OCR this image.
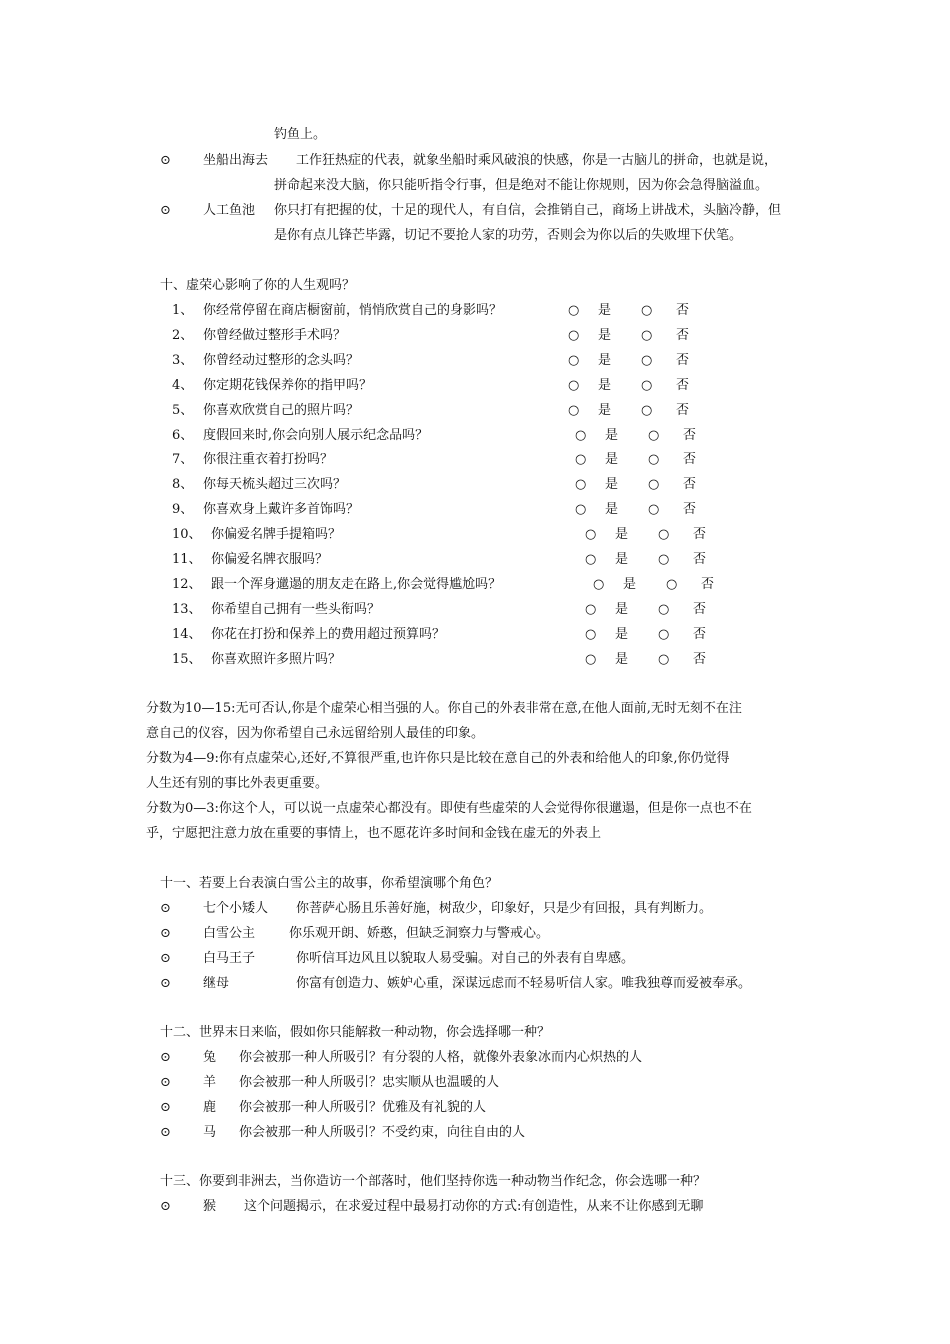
钓鱼上。
⊙ 坐船出海去 工作狂热症的代表，就象坐船时乘风破浪的快感，你是一古脑儿的拼命，也就是说，
拼命起来没大脑，你只能听指令行事，但是绝对不能让你规则，因为你会急得脑溢血。
⊙ 人工鱼池 你只打有把握的仗，十足的现代人，有自信，会推销自己，商场上讲战术，头脑冷静，但
是你有点儿锋芒毕露，切记不要抢人家的功劳，否则会为你以后的失败埋下伏笔。
十、虚荣心影响了你的人生观吗？
1、 你经常停留在商店橱窗前，悄悄欣赏自己的身影吗？	○ 是 ○ 否
2、 你曾经做过整形手术吗？	○ 是 ○ 否
3、 你曾经动过整形的念头吗？	○ 是 ○ 否
4、 你定期花钱保养你的指甲吗？	○ 是 ○ 否
5、 你喜欢欣赏自己的照片吗？	○ 是 ○ 否
6、 度假回来时,你会向别人展示纪念品吗？	○ 是 ○ 否
7、 你很注重衣着打扮吗？	○ 是 ○ 否
8、 你每天梳头超过三次吗？	○ 是 ○ 否
9、 你喜欢身上戴许多首饰吗？	○ 是 ○ 否
10、 你偏爱名牌手提箱吗？	○ 是 ○ 否
11、 你偏爱名牌衣服吗？	○ 是 ○ 否
12、 跟一个浑身邋遢的朋友走在路上,你会觉得尴尬吗？	○ 是 ○ 否
13、 你希望自己拥有一些头衔吗？	○ 是 ○ 否
14、 你花在打扮和保养上的费用超过预算吗？	○ 是 ○ 否
15、 你喜欢照许多照片吗？	○ 是 ○ 否
分数为10—15:无可否认,你是个虚荣心相当强的人。你自己的外表非常在意,在他人面前,无时无刻不在注
意自己的仪容，因为你希望自己永远留给别人最佳的印象。
分数为4—9:你有点虚荣心,还好,不算很严重,也许你只是比较在意自己的外表和给他人的印象,你仍觉得
人生还有别的事比外表更重要。
分数为0—3:你这个人，可以说一点虚荣心都没有。即使有些虚荣的人会觉得你很邋遢，但是你一点也不在
乎，宁愿把注意力放在重要的事情上，也不愿花许多时间和金钱在虚无的外表上
十一、若要上台表演白雪公主的故事，你希望演哪个角色？
⊙ 七个小矮人 你菩萨心肠且乐善好施，树敌少，印象好，只是少有回报，具有判断力。
⊙ 白雪公主	你乐观开朗、娇憨，但缺乏洞察力与警戒心。
⊙ 白马王子	你听信耳边风且以貌取人易受骗。对自己的外表有自卑感。
⊙ 继母	你富有创造力、嫉妒心重，深谋远虑而不轻易听信人家。唯我独尊而爱被奉承。
十二、世界末日来临，假如你只能解救一种动物，你会选择哪一种？
⊙ 兔 你会被那一种人所吸引？有分裂的人格，就像外表象冰而内心炽热的人
⊙ 羊 你会被那一种人所吸引？忠实顺从也温暖的人
⊙ 鹿 你会被那一种人所吸引？优雅及有礼貌的人
⊙ 马 你会被那一种人所吸引？不受约束，向往自由的人
十三、你要到非洲去，当你造访一个部落时，他们坚持你选一种动物当作纪念，你会选哪一种？
⊙ 猴 这个问题揭示，在求爱过程中最易打动你的方式:有创造性，从来不让你感到无聊
